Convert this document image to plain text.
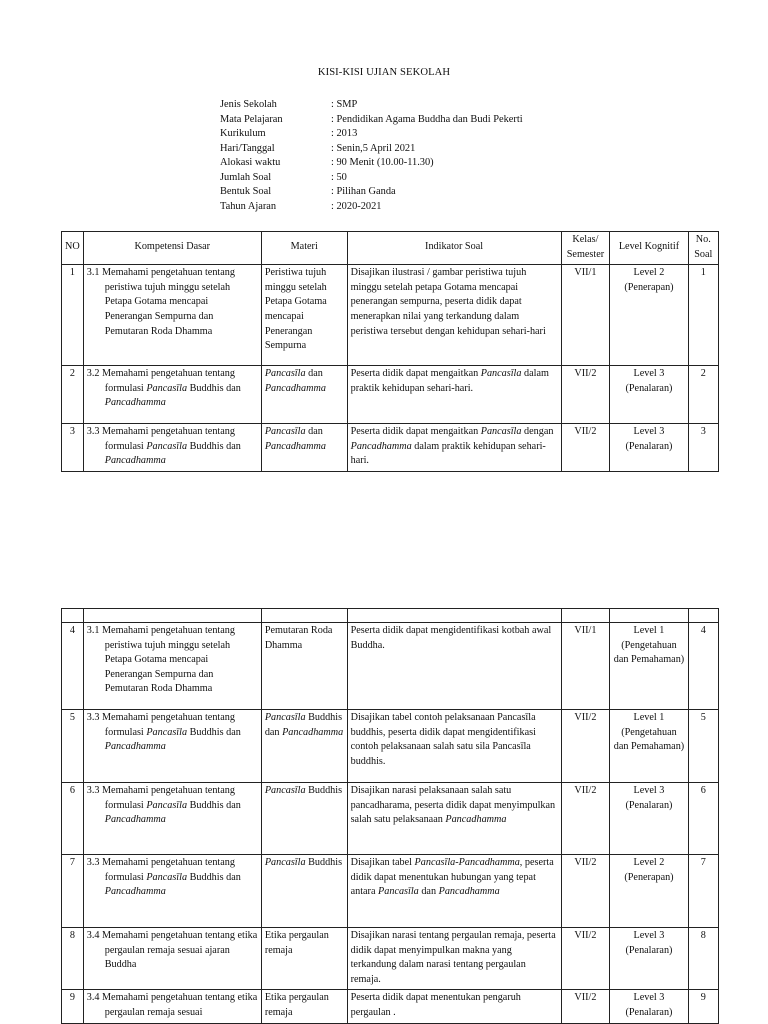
KISI-KISI UJIAN SEKOLAH
Jenis Sekolah	: SMP
Mata Pelajaran	: Pendidikan Agama Buddha dan Budi Pekerti
Kurikulum	: 2013
Hari/Tanggal	: Senin,5 April 2021
Alokasi waktu	: 90 Menit (10.00-11.30)
Jumlah Soal	: 50
Bentuk Soal	: Pilihan Ganda
Tahun Ajaran	: 2020-2021
NO	Kompetensi Dasar	Materi	Indikator Soal	Kelas/ Semester	Level Kognitif	No. Soal
1	3.1 Memahami pengetahuan tentang peristiwa tujuh minggu setelah Petapa Gotama mencapai Penerangan Sempurna dan Pemutaran Roda Dhamma	Peristiwa tujuh minggu setelah Petapa Gotama mencapai Penerangan Sempurna	Disajikan ilustrasi / gambar peristiwa tujuh minggu setelah petapa Gotama mencapai penerangan sempurna, peserta didik dapat menerapkan nilai yang terkandung dalam peristiwa tersebut dengan kehidupan sehari-hari	VII/1	Level 2 (Penerapan)	1
2	3.2 Memahami pengetahuan tentang formulasi Pancasīla Buddhis dan Pancadhamma	Pancasīla dan Pancadhamma	Peserta didik dapat mengaitkan Pancasīla dalam praktik kehidupan sehari-hari.	VII/2	Level 3 (Penalaran)	2
3	3.3 Memahami pengetahuan tentang formulasi Pancasīla Buddhis dan Pancadhamma	Pancasīla dan Pancadhamma	Peserta didik dapat mengaitkan Pancasīla dengan Pancadhamma dalam praktik kehidupan sehari-hari.	VII/2	Level 3 (Penalaran)	3

4	3.1 Memahami pengetahuan tentang peristiwa tujuh minggu setelah Petapa Gotama mencapai Penerangan Sempurna dan Pemutaran Roda Dhamma	Pemutaran Roda Dhamma	Peserta didik dapat mengidentifikasi kotbah awal Buddha.	VII/1	Level 1 (Pengetahuan dan Pemahaman)	4
5	3.3 Memahami pengetahuan tentang formulasi Pancasīla Buddhis dan Pancadhamma	Pancasīla Buddhis dan Pancadhamma	Disajikan tabel contoh pelaksanaan Pancasīla buddhis, peserta didik dapat mengidentifikasi contoh pelaksanaan salah satu sila Pancasīla buddhis.	VII/2	Level 1 (Pengetahuan dan Pemahaman)	5
6	3.3 Memahami pengetahuan tentang formulasi Pancasīla Buddhis dan Pancadhamma	Pancasīla Buddhis	Disajikan narasi pelaksanaan salah satu pancadharama, peserta didik dapat menyimpulkan salah satu pelaksanaan Pancadhamma	VII/2	Level 3 (Penalaran)	6
7	3.3 Memahami pengetahuan tentang formulasi Pancasīla Buddhis dan Pancadhamma	Pancasīla Buddhis	Disajikan tabel Pancasīla-Pancadhamma, peserta didik dapat menentukan hubungan yang tepat antara Pancasīla dan Pancadhamma	VII/2	Level 2 (Penerapan)	7
8	3.4 Memahami pengetahuan tentang etika pergaulan remaja sesuai ajaran Buddha	Etika pergaulan remaja	Disajikan narasi tentang pergaulan remaja, peserta didik dapat menyimpulkan makna yang terkandung dalam narasi tentang pergaulan remaja.	VII/2	Level 3 (Penalaran)	8
9	3.4 Memahami pengetahuan tentang etika pergaulan remaja sesuai	Etika pergaulan remaja	Peserta didik dapat menentukan pengaruh pergaulan .	VII/2	Level 3 (Penalaran)	9
